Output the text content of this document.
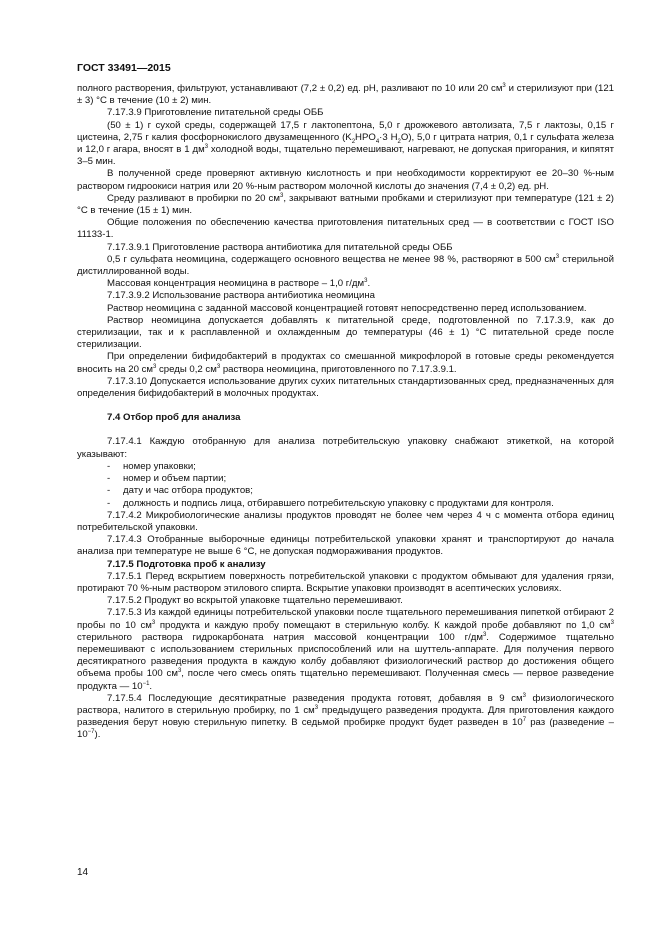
ГОСТ 33491—2015

полного растворения, фильтруют, устанавливают (7,2 ± 0,2) ед. pH, разливают по 10 или 20 $см^3$ и стерилизуют при (121 ± 3) °C в течение (10 ± 2) мин.

7.17.3.9 Приготовление питательной среды ОББ

(50 ± 1) г сухой среды, содержащей 17,5 г лактопептона, 5,0 г дрожжевого автолизата, 7,5 г лактозы, 0,15 г цистеина, 2,75 г калия фосфорнокислого двузамещенного ($K_2HPO_4\cdot 3$ $H_2O$), 5,0 г цитрата натрия, 0,1 г сульфата железа и 12,0 г агара, вносят в 1 $дм^3$ холодной воды, тщательно перемешивают, нагревают, не допуская пригорания, и кипятят 3–5 мин.

В полученной среде проверяют активную кислотность и при необходимости корректируют ее 20–30 %-ным раствором гидроокиси натрия или 20 %-ным раствором молочной кислоты до значения (7,4 ± 0,2) ед. pH.

Среду разливают в пробирки по 20 $см^3$, закрывают ватными пробками и стерилизуют при температуре (121 ± 2) °C в течение (15 ± 1) мин.

Общие положения по обеспечению качества приготовления питательных сред — в соответствии с ГОСТ ISO 11133-1.

7.17.3.9.1 Приготовление раствора антибиотика для питательной среды ОББ

0,5 г сульфата неомицина, содержащего основного вещества не менее 98 %, растворяют в 500 $см^3$ стерильной дистиллированной воды.

Массовая концентрация неомицина в растворе – 1,0 $г/дм^3$.

7.17.3.9.2 Использование раствора антибиотика неомицина

Раствор неомицина с заданной массовой концентрацией готовят непосредственно перед использованием.

Раствор неомицина допускается добавлять к питательной среде, подготовленной по 7.17.3.9, как до стерилизации, так и к расплавленной и охлажденным до температуры (46 ± 1) °C питательной среде после стерилизации.

При определении бифидобактерий в продуктах со смешанной микрофлорой в готовые среды рекомендуется вносить на 20 $см^3$ среды 0,2 $см^3$ раствора неомицина, приготовленного по 7.17.3.9.1.

7.17.3.10 Допускается использование других сухих питательных стандартизованных сред, предназначенных для определения бифидобактерий в молочных продуктах.

7.4 Отбор проб для анализа

7.17.4.1 Каждую отобранную для анализа потребительскую упаковку снабжают этикеткой, на которой указывают:

- номер упаковки;

- номер и объем партии;

- дату и час отбора продуктов;

- должность и подпись лица, отбиравшего потребительскую упаковку с продуктами для контроля.

7.17.4.2 Микробиологические анализы продуктов проводят не более чем через 4 ч с момента отбора единиц потребительской упаковки.

7.17.4.3 Отобранные выборочные единицы потребительской упаковки хранят и транспортируют до начала анализа при температуре не выше 6 °C, не допуская подмораживания продуктов.

7.17.5 Подготовка проб к анализу

7.17.5.1 Перед вскрытием поверхность потребительской упаковки с продуктом обмывают для удаления грязи, протирают 70 %-ным раствором этилового спирта. Вскрытие упаковки производят в асептических условиях.

7.17.5.2 Продукт во вскрытой упаковке тщательно перемешивают.

7.17.5.3 Из каждой единицы потребительской упаковки после тщательного перемешивания пипеткой отбирают 2 пробы по 10 $см^3$ продукта и каждую пробу помещают в стерильную колбу. К каждой пробе добавляют по 1,0 $см^3$ стерильного раствора гидрокарбоната натрия массовой концентрации 100 $г/дм^3$. Содержимое тщательно перемешивают с использованием стерильных приспособлений или на шуттель-аппарате. Для получения первого десятикратного разведения продукта в каждую колбу добавляют физиологический раствор до достижения общего объема пробы 100 $см^3$, после чего смесь опять тщательно перемешивают. Полученная смесь — первое разведение продукта — $10^{-1}$.

7.17.5.4 Последующие десятикратные разведения продукта готовят, добавляя в 9 $см^3$ физиологического раствора, налитого в стерильную пробирку, по 1 $см^3$ предыдущего разведения продукта. Для приготовления каждого разведения берут новую стерильную пипетку. В седьмой пробирке продукт будет разведен в $10^7$ раз (разведение – $10^{-7}$).

14
